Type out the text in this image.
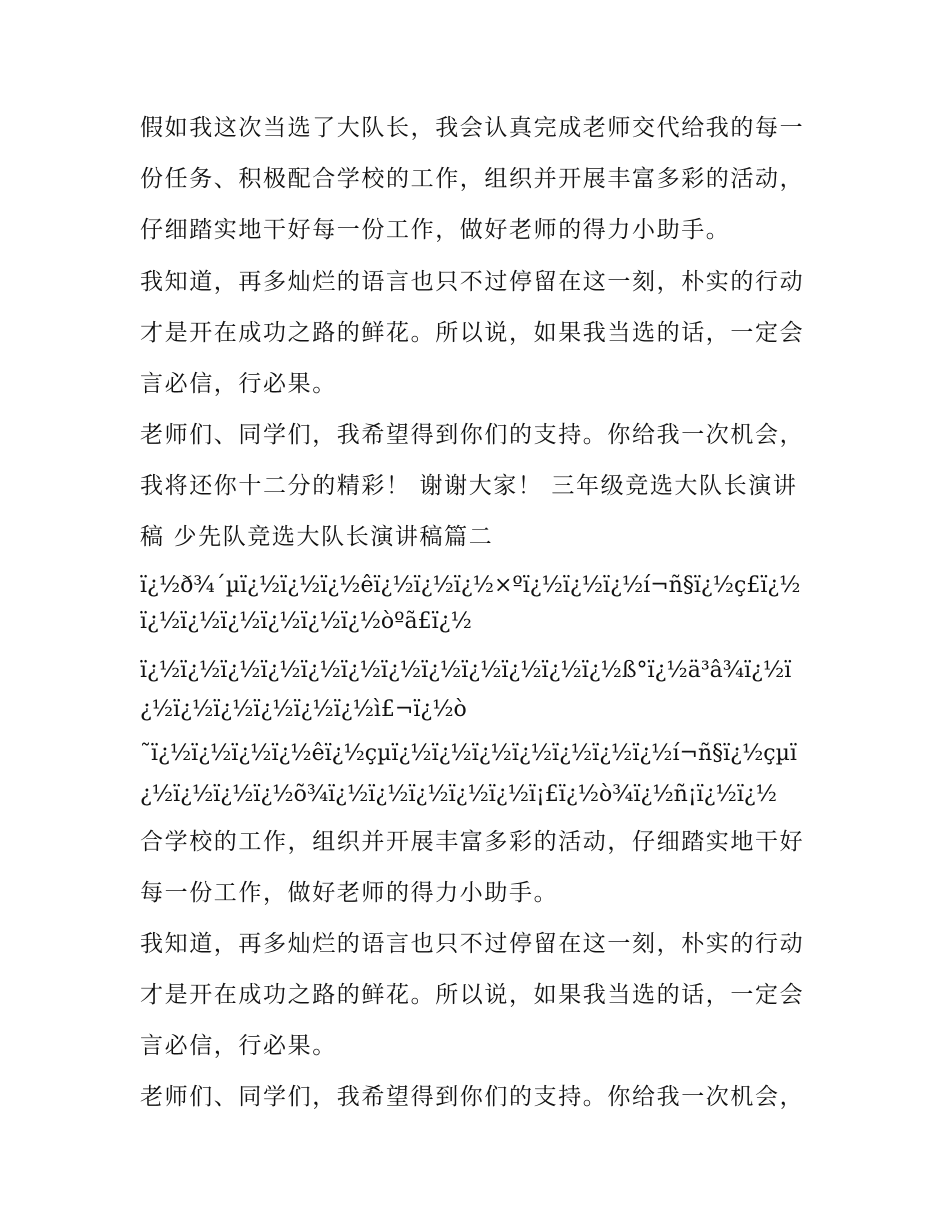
假如我这次当选了大队长，我会认真完成老师交代给我的每一

份任务、积极配合学校的工作，组织并开展丰富多彩的活动，

仔细踏实地干好每一份工作，做好老师的得力小助手。

我知道，再多灿烂的语言也只不过停留在这一刻，朴实的行动

才是开在成功之路的鲜花。所以说，如果我当选的话，一定会

言必信，行必果。

老师们、同学们，我希望得到你们的支持。你给我一次机会，

我将还你十二分的精彩！ 谢谢大家！ 三年级竞选大队长演讲

稿 少先队竞选大队长演讲稿篇二

ï¿½ð¾´µï¿½ï¿½ï¿½êï¿½ï¿½ï¿½×ºï¿½ï¿½ï¿½í¬ñ§ï¿½ç£ï¿½

ï¿½ï¿½ï¿½ï¿½ï¿½ï¿½òºã£ï¿½

ï¿½ï¿½ï¿½ï¿½ï¿½ï¿½ï¿½ï¿½ï¿½ï¿½ï¿½ï¿½ß°ï¿½ä³â¾ï¿½ï

¿½ï¿½ï¿½ï¿½ï¿½ï¿½ì£¬ï¿½ò

˜ï¿½ï¿½ï¿½ï¿½êï¿½çµï¿½ï¿½ï¿½ï¿½ï¿½ï¿½ï¿½í¬ñ§ï¿½çµï

¿½ï¿½ï¿½ï¿½õ¾ï¿½ï¿½ï¿½ï¿½ï¿½ï¡£ï¿½ò¾ï¿½ñ¡ï¿½ï¿½

合学校的工作，组织并开展丰富多彩的活动，仔细踏实地干好

每一份工作，做好老师的得力小助手。

我知道，再多灿烂的语言也只不过停留在这一刻，朴实的行动

才是开在成功之路的鲜花。所以说，如果我当选的话，一定会

言必信，行必果。

老师们、同学们，我希望得到你们的支持。你给我一次机会，
